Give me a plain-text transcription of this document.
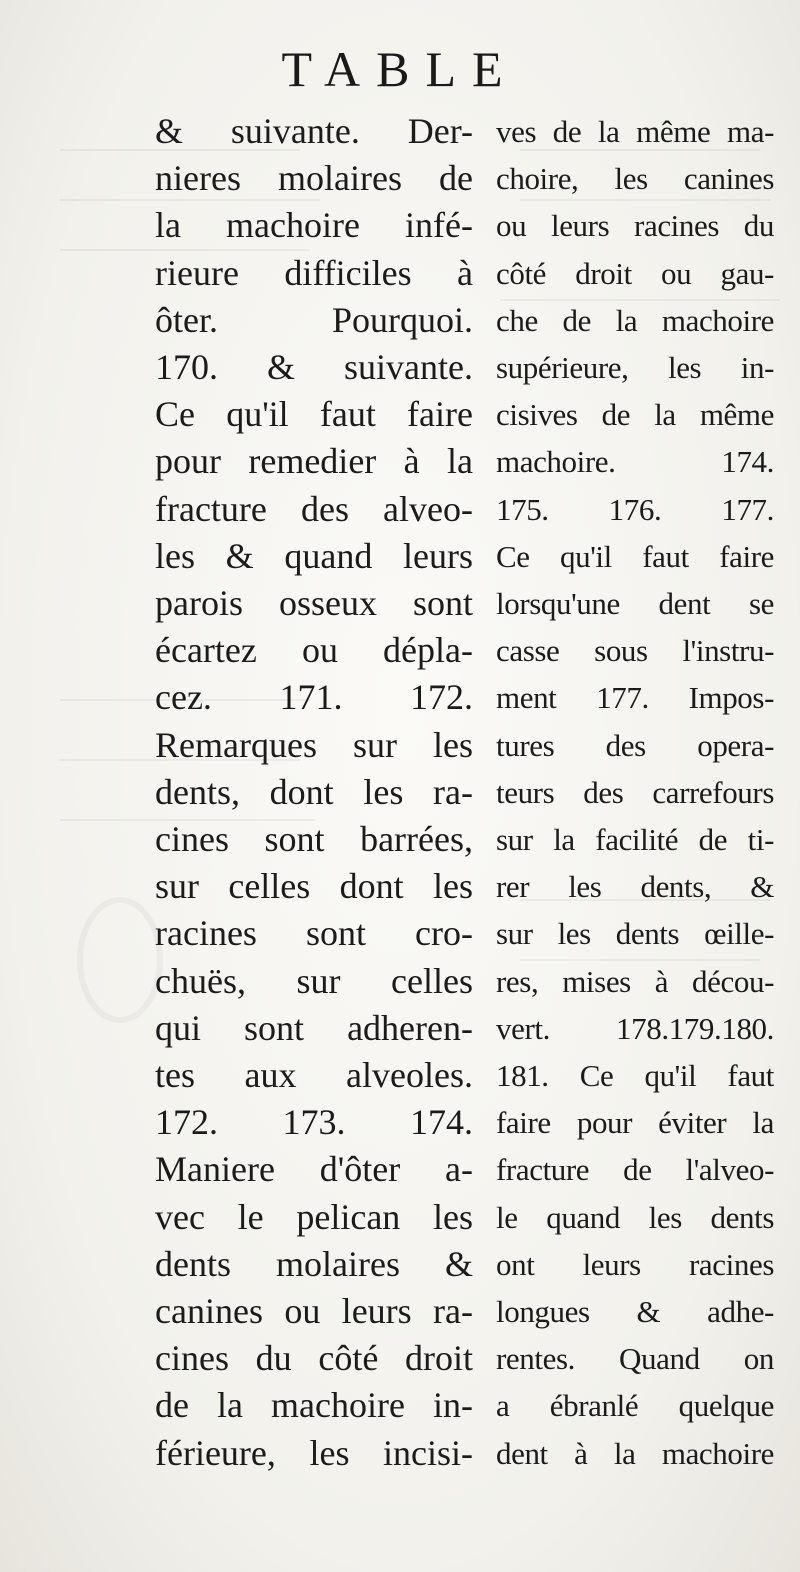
TABLE
& suivante. Der-
nieres molaires de
la machoire infé-
rieure difficiles à
ôter. Pourquoi.
170. & suivante.
Ce qu'il faut faire
pour remedier à la
fracture des alveo-
les & quand leurs
parois osseux sont
écartez ou dépla-
cez. 171. 172.
Remarques sur les
dents, dont les ra-
cines sont barrées,
sur celles dont les
racines sont cro-
chuës, sur celles
qui sont adheren-
tes aux alveoles.
172. 173. 174.
Maniere d'ôter a-
vec le pelican les
dents molaires &
canines ou leurs ra-
cines du côté droit
de la machoire in-
férieure, les incisi-
ves de la même ma-
choire, les canines
ou leurs racines du
côté droit ou gau-
che de la machoire
supérieure, les in-
cisives de la même
machoire. 174.
175. 176. 177.
Ce qu'il faut faire
lorsqu'une dent se
casse sous l'instru-
ment 177. Impos-
tures des opera-
teurs des carrefours
sur la facilité de ti-
rer les dents, &
sur les dents œille-
res, mises à décou-
vert. 178.179.180.
181. Ce qu'il faut
faire pour éviter la
fracture de l'alveo-
le quand les dents
ont leurs racines
longues & adhe-
rentes. Quand on
a ébranlé quelque
dent à la machoire
